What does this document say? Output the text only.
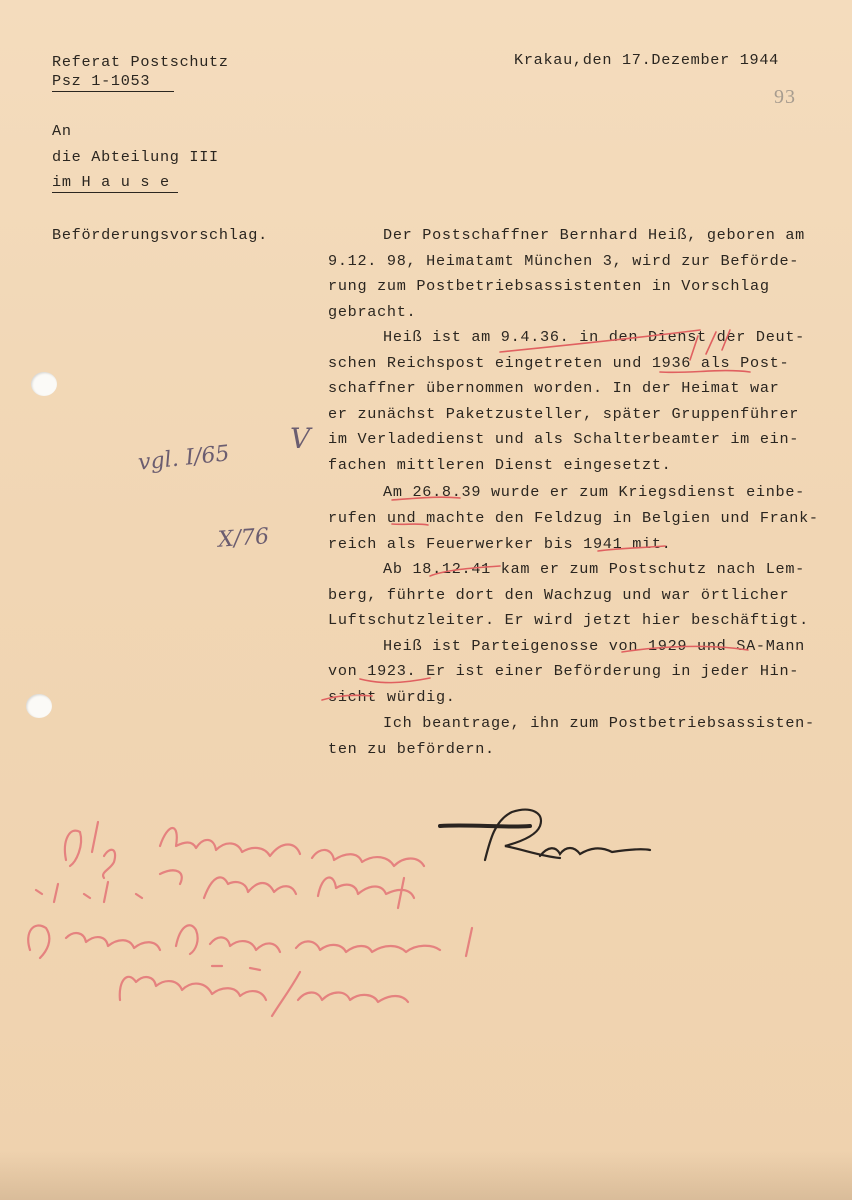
Referat Postschutz
Psz 1-1053
Krakau,den 17.Dezember 1944
93
An
die Abteilung III
im H a u s e
Beförderungsvorschlag.	Der Postschaffner Bernhard Heiß, geboren am
9.12. 98, Heimatamt München 3, wird zur Beförde-
rung zum Postbetriebsassistenten in Vorschlag
gebracht.
Heiß ist am 9.4.36. in den Dienst der Deut-
schen Reichspost eingetreten und 1936 als Post-
schaffner übernommen worden. In der Heimat war
er zunächst Paketzusteller, später Gruppenführer
im Verladedienst und als Schalterbeamter im ein-
fachen mittleren Dienst eingesetzt.
Am 26.8.39 wurde er zum Kriegsdienst einbe-
rufen und machte den Feldzug in Belgien und Frank-
reich als Feuerwerker bis 1941 mit.
Ab 18.12.41 kam er zum Postschutz nach Lem-
berg, führte dort den Wachzug und war örtlicher
Luftschutzleiter. Er wird jetzt hier beschäftigt.
Heiß ist Parteigenosse von 1929 und SA-Mann
von 1923. Er ist einer Beförderung in jeder Hin-
sicht würdig.
Ich beantrage, ihn zum Postbetriebsassisten-
ten zu befördern.
vgl. I/65
V
X/76
